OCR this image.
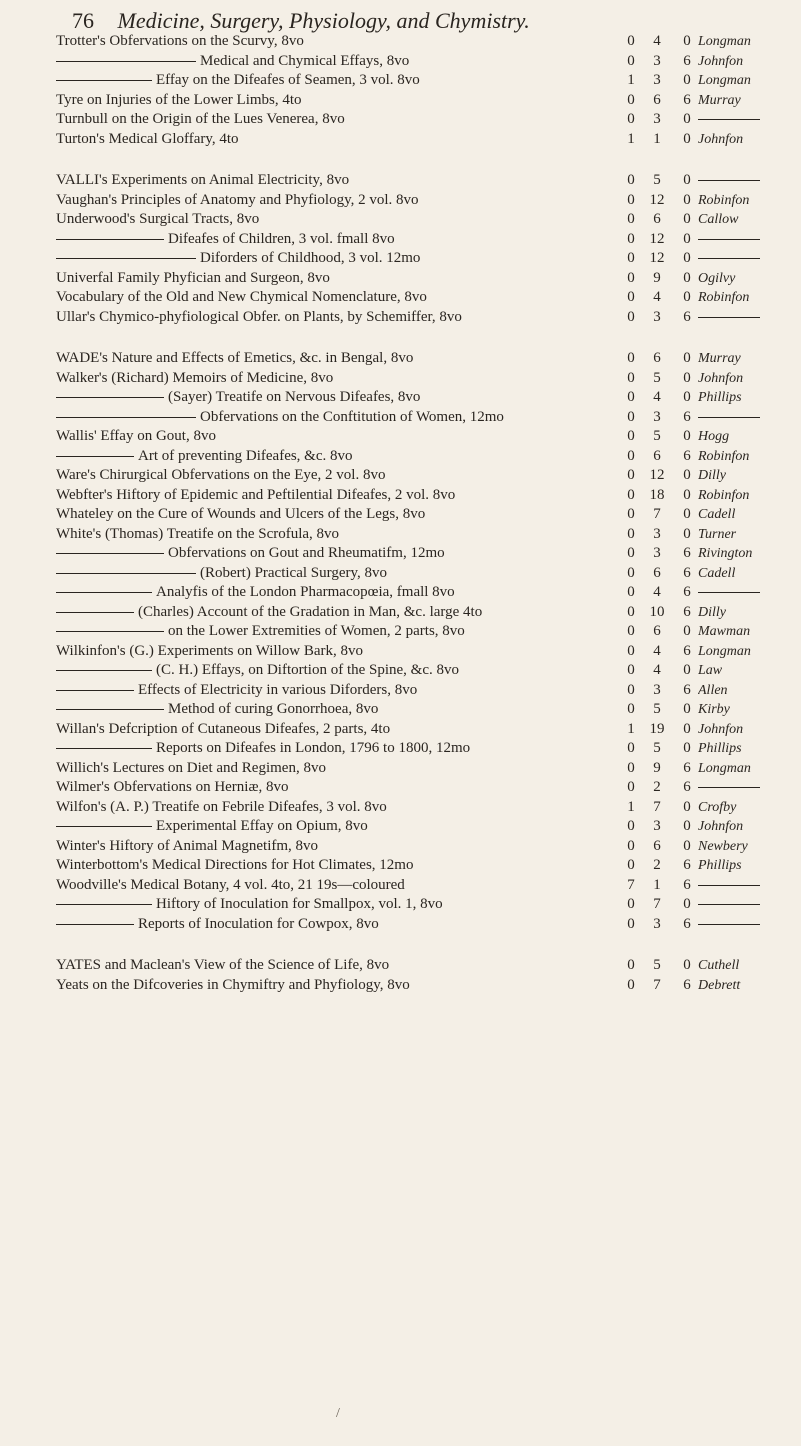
76 Medicine, Surgery, Physiology, and Chymistry.
Trotter's Obfervations on the Scurvy, 8vo	0	4	0 Longman
Medical and Chymical Effays, 8vo	0	3	6 Johnfon
Effay on the Difeafes of Seamen, 3 vol. 8vo	1	3	0 Longman
Tyre on Injuries of the Lower Limbs, 4to	0	6	6 Murray
Turnbull on the Origin of the Lues Venerea, 8vo	0	3	0
Turton's Medical Gloffary, 4to	1	1	0 Johnfon
VALLI's Experiments on Animal Electricity, 8vo	0	5	0
Vaughan's Principles of Anatomy and Phyfiology, 2 vol. 8vo	0 12	0 Robinfon
Underwood's Surgical Tracts, 8vo	0	6	0 Callow
Difeafes of Children, 3 vol. fmall 8vo	0 12	0
Diforders of Childhood, 3 vol. 12mo	0 12	0
Univerfal Family Phyfician and Surgeon, 8vo	0	9	0 Ogilvy
Vocabulary of the Old and New Chymical Nomenclature, 8vo	0	4	0 Robinfon
Ullar's Chymico-phyfiological Obfer. on Plants, by Schemiffer, 8vo	0	3	6
WADE's Nature and Effects of Emetics, &c. in Bengal, 8vo	0	6	0 Murray
Walker's (Richard) Memoirs of Medicine, 8vo	0	5	0 Johnfon
(Sayer) Treatife on Nervous Difeafes, 8vo	0	4	0 Phillips
Obfervations on the Conftitution of Women, 12mo	0	3	6
Wallis' Effay on Gout, 8vo	0	5	0 Hogg
Art of preventing Difeafes, &c. 8vo	0	6	6 Robinfon
Ware's Chirurgical Obfervations on the Eye, 2 vol. 8vo	0 12	0 Dilly
Webfter's Hiftory of Epidemic and Peftilential Difeafes, 2 vol. 8vo	0 18	0 Robinfon
Whateley on the Cure of Wounds and Ulcers of the Legs, 8vo	0	7	0 Cadell
White's (Thomas) Treatife on the Scrofula, 8vo	0	3	0 Turner
Obfervations on Gout and Rheumatifm, 12mo	0	3	6 Rivington
(Robert) Practical Surgery, 8vo	0	6	6 Cadell
Analyfis of the London Pharmacopœia, fmall 8vo	0	4	6
(Charles) Account of the Gradation in Man, &c. large 4to	0 10	6 Dilly
on the Lower Extremities of Women, 2 parts, 8vo	0	6	0 Mawman
Wilkinfon's (G.) Experiments on Willow Bark, 8vo	0	4	6 Longman
(C. H.) Effays, on Diftortion of the Spine, &c. 8vo	0	4	0 Law
Effects of Electricity in various Diforders, 8vo	0	3	6 Allen
Method of curing Gonorrhoea, 8vo	0	5	0 Kirby
Willan's Defcription of Cutaneous Difeafes, 2 parts, 4to	1 19	0 Johnfon
Reports on Difeafes in London, 1796 to 1800, 12mo	0	5	0 Phillips
Willich's Lectures on Diet and Regimen, 8vo	0	9	6 Longman
Wilmer's Obfervations on Herniæ, 8vo	0	2	6
Wilfon's (A. P.) Treatife on Febrile Difeafes, 3 vol. 8vo	1	7	0 Crofby
Experimental Effay on Opium, 8vo	0	3	0 Johnfon
Winter's Hiftory of Animal Magnetifm, 8vo	0	6	0 Newbery
Winterbottom's Medical Directions for Hot Climates, 12mo	0	2	6 Phillips
Woodville's Medical Botany, 4 vol. 4to, 21 19s—coloured	7	1	6
Hiftory of Inoculation for Smallpox, vol. 1, 8vo	0	7	0
Reports of Inoculation for Cowpox, 8vo	0	3	6
YATES and Maclean's View of the Science of Life, 8vo	0	5	0 Cuthell
Yeats on the Difcoveries in Chymiftry and Phyfiology, 8vo	0	7	6 Debrett
/
